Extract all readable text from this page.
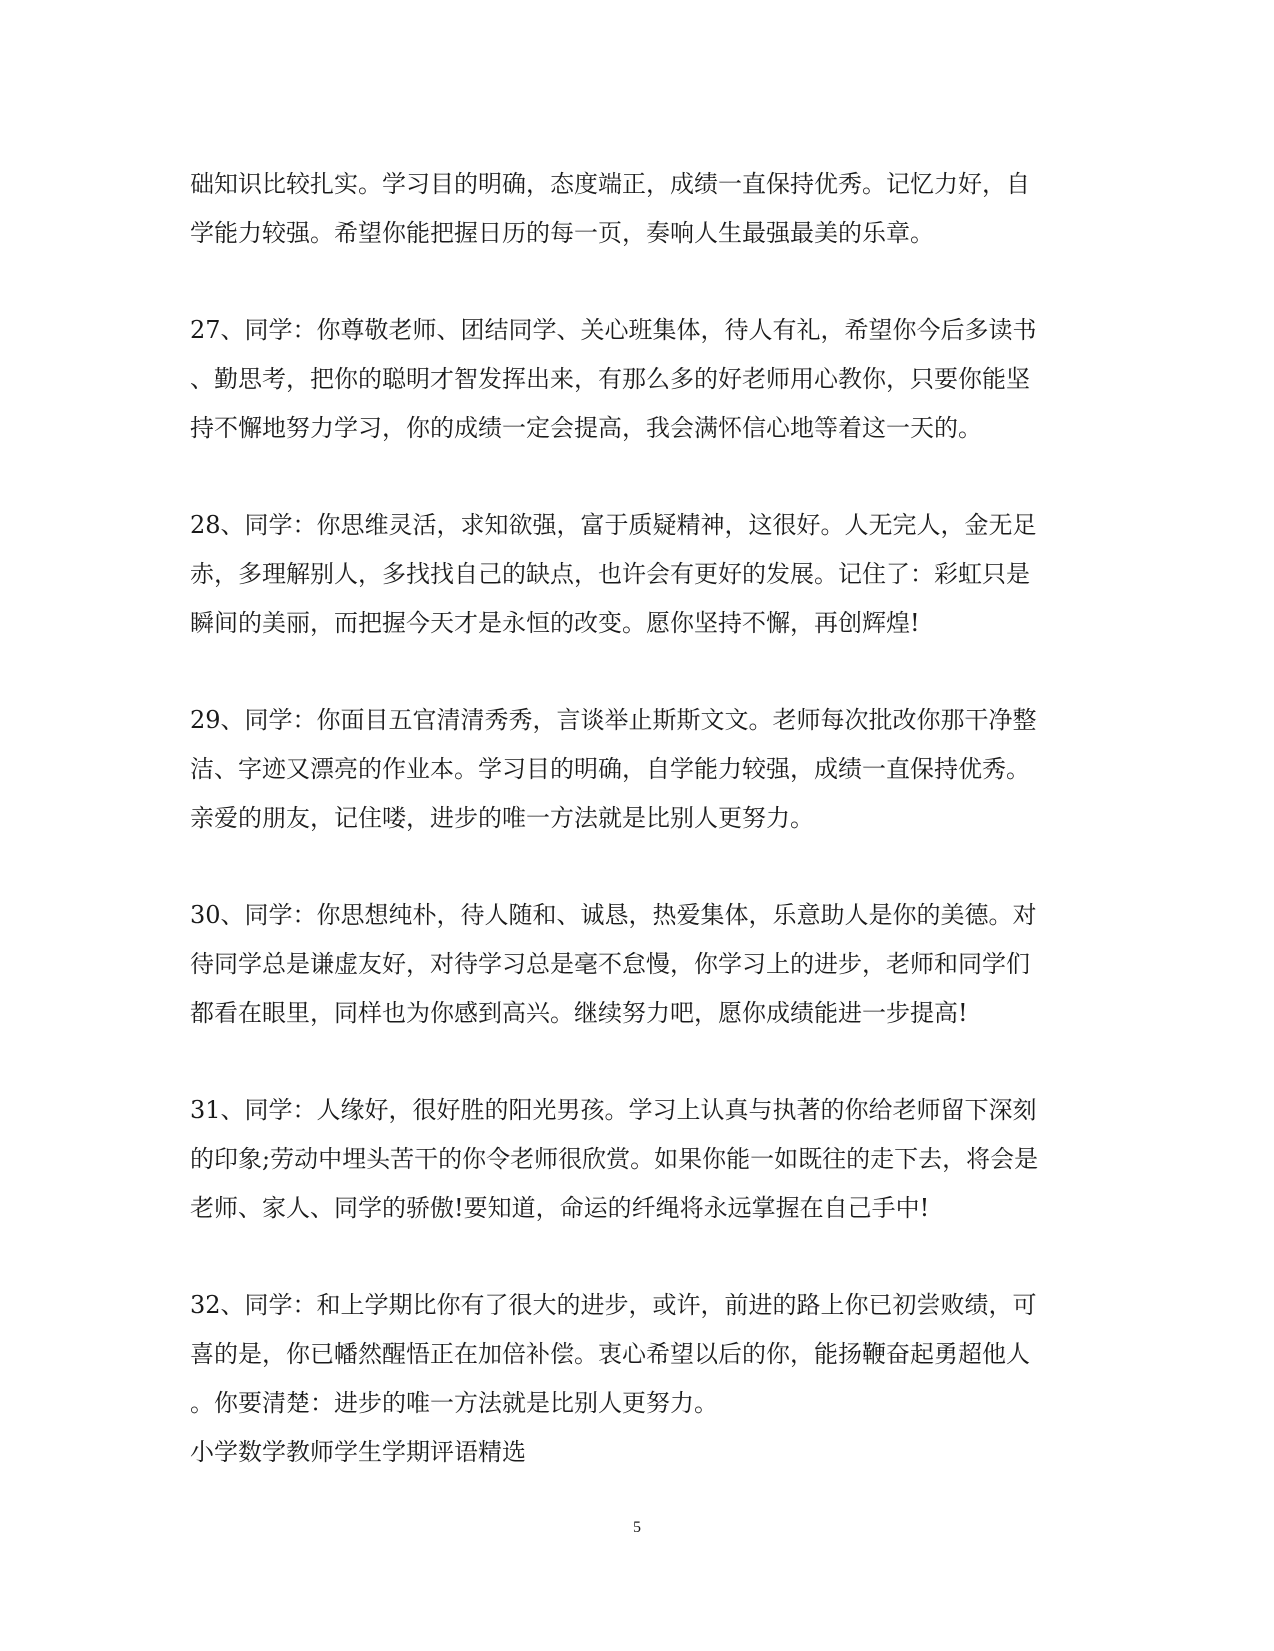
础知识比较扎实。学习目的明确，态度端正，成绩一直保持优秀。记忆力好，自
学能力较强。希望你能把握日历的每一页，奏响人生最强最美的乐章。

27、同学：你尊敬老师、团结同学、关心班集体，待人有礼，希望你今后多读书
、勤思考，把你的聪明才智发挥出来，有那么多的好老师用心教你，只要你能坚
持不懈地努力学习，你的成绩一定会提高，我会满怀信心地等着这一天的。

28、同学：你思维灵活，求知欲强，富于质疑精神，这很好。人无完人，金无足
赤，多理解别人，多找找自己的缺点，也许会有更好的发展。记住了：彩虹只是
瞬间的美丽，而把握今天才是永恒的改变。愿你坚持不懈，再创辉煌!

29、同学：你面目五官清清秀秀，言谈举止斯斯文文。老师每次批改你那干净整
洁、字迹又漂亮的作业本。学习目的明确，自学能力较强，成绩一直保持优秀。
亲爱的朋友，记住喽，进步的唯一方法就是比别人更努力。

30、同学：你思想纯朴，待人随和、诚恳，热爱集体，乐意助人是你的美德。对
待同学总是谦虚友好，对待学习总是毫不怠慢，你学习上的进步，老师和同学们
都看在眼里，同样也为你感到高兴。继续努力吧，愿你成绩能进一步提高!

31、同学：人缘好，很好胜的阳光男孩。学习上认真与执著的你给老师留下深刻
的印象;劳动中埋头苦干的你令老师很欣赏。如果你能一如既往的走下去，将会是
老师、家人、同学的骄傲!要知道，命运的纤绳将永远掌握在自己手中!

32、同学：和上学期比你有了很大的进步，或许，前进的路上你已初尝败绩，可
喜的是，你已幡然醒悟正在加倍补偿。衷心希望以后的你，能扬鞭奋起勇超他人
。你要清楚：进步的唯一方法就是比别人更努力。

小学数学教师学生学期评语精选

5
